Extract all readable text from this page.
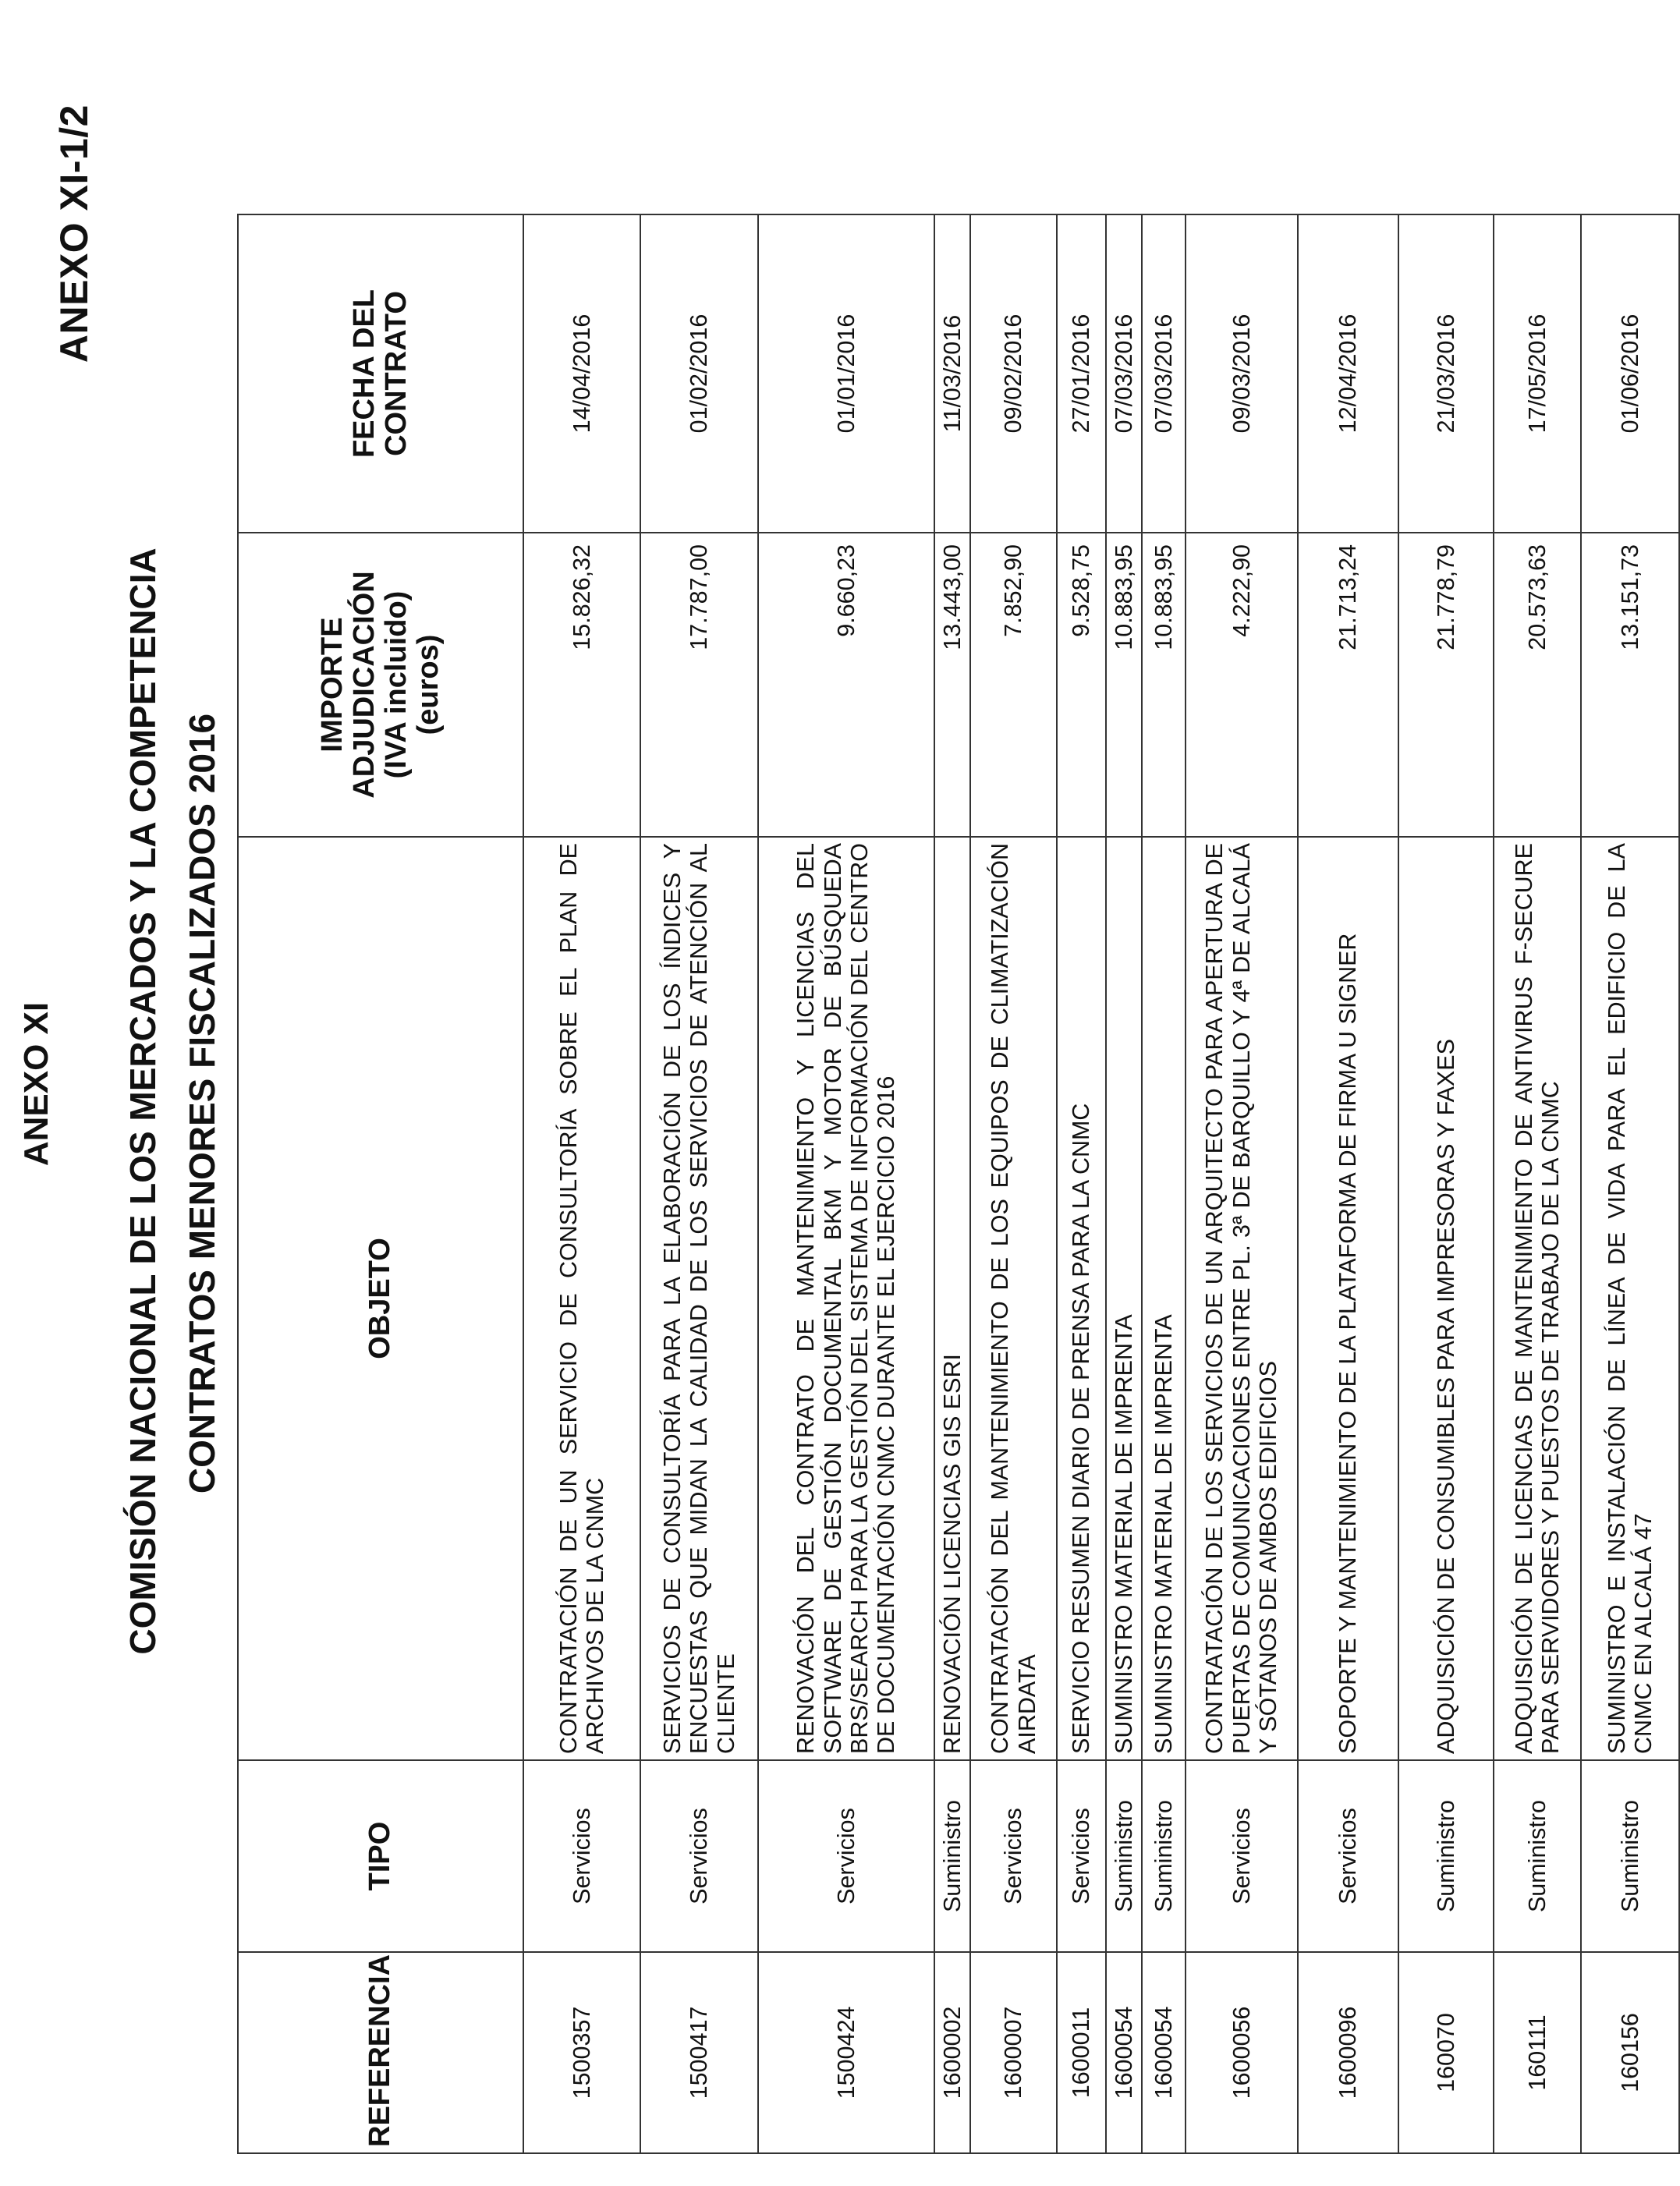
ANEXO XI-1/2
ANEXO XI COMISIÓN NACIONAL DE LOS MERCADOS Y LA COMPETENCIA CONTRATOS MENORES FISCALIZADOS 2016
REFERENCIA	TIPO	OBJETO	IMPORTE
ADJUDICACIÓN
(IVA incluido)
(euros)	FECHA DEL
CONTRATO
1500357	Servicios	CONTRATACIÓN DE UN SERVICIO DE CONSULTORÍA SOBRE EL PLAN DE ARCHIVOS DE LA CNMC	15.826,32	14/04/2016
1500417	Servicios	SERVICIOS DE CONSULTORÍA PARA LA ELABORACIÓN DE LOS ÍNDICES Y ENCUESTAS QUE MIDAN LA CALIDAD DE LOS SERVICIOS DE ATENCIÓN AL CLIENTE	17.787,00	01/02/2016
1500424	Servicios	RENOVACIÓN DEL CONTRATO DE MANTENIMIENTO Y LICENCIAS DEL SOFTWARE DE GESTIÓN DOCUMENTAL BKM Y MOTOR DE BÚSQUEDA BRS/SEARCH PARA LA GESTIÓN DEL SISTEMA DE INFORMACIÓN DEL CENTRO DE DOCUMENTACIÓN CNMC DURANTE EL EJERCICIO 2016	9.660,23	01/01/2016
1600002	Suministro	RENOVACIÓN LICENCIAS GIS ESRI	13.443,00	11/03/2016
1600007	Servicios	CONTRATACIÓN DEL MANTENIMIENTO DE LOS EQUIPOS DE CLIMATIZACIÓN AIRDATA	7.852,90	09/02/2016
1600011	Servicios	SERVICIO RESUMEN DIARIO DE PRENSA PARA LA CNMC	9.528,75	27/01/2016
1600054	Suministro	SUMINISTRO MATERIAL DE IMPRENTA	10.883,95	07/03/2016
1600054	Suministro	SUMINISTRO MATERIAL DE IMPRENTA	10.883,95	07/03/2016
1600056	Servicios	CONTRATACIÓN DE LOS SERVICIOS DE UN ARQUITECTO PARA APERTURA DE PUERTAS DE COMUNICACIONES ENTRE PL. 3ª DE BARQUILLO Y 4ª DE ALCALÁ Y SÓTANOS DE AMBOS EDIFICIOS	4.222,90	09/03/2016
1600096	Servicios	SOPORTE Y MANTENIMIENTO DE LA PLATAFORMA DE FIRMA U SIGNER	21.713,24	12/04/2016
160070	Suministro	ADQUISICIÓN DE CONSUMIBLES PARA IMPRESORAS Y FAXES	21.778,79	21/03/2016
160111	Suministro	ADQUISICIÓN DE LICENCIAS DE MANTENIMIENTO DE ANTIVIRUS F-SECURE PARA SERVIDORES Y PUESTOS DE TRABAJO DE LA CNMC	20.573,63	17/05/2016
160156	Suministro	SUMINISTRO E INSTALACIÓN DE LÍNEA DE VIDA PARA EL EDIFICIO DE LA CNMC EN ALCALÁ 47	13.151,73	01/06/2016
